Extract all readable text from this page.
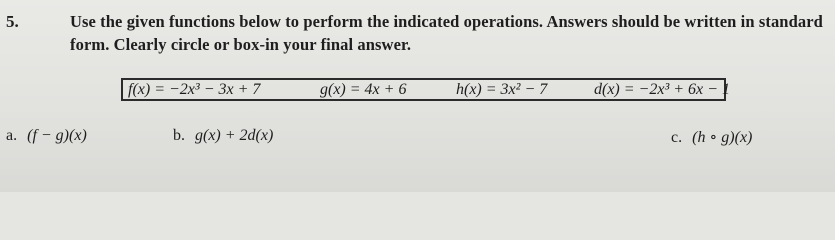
5.	Use the given functions below to perform the indicated operations. Answers should be written in standard form. Clearly circle or box-in your final answer.
f(x) = −2x³ − 3x + 7	g(x) = 4x + 6	h(x) = 3x² − 7	d(x) = −2x³ + 6x − 1
a. (f − g)(x)	b. g(x) + 2d(x)	c. (h ∘ g)(x)
